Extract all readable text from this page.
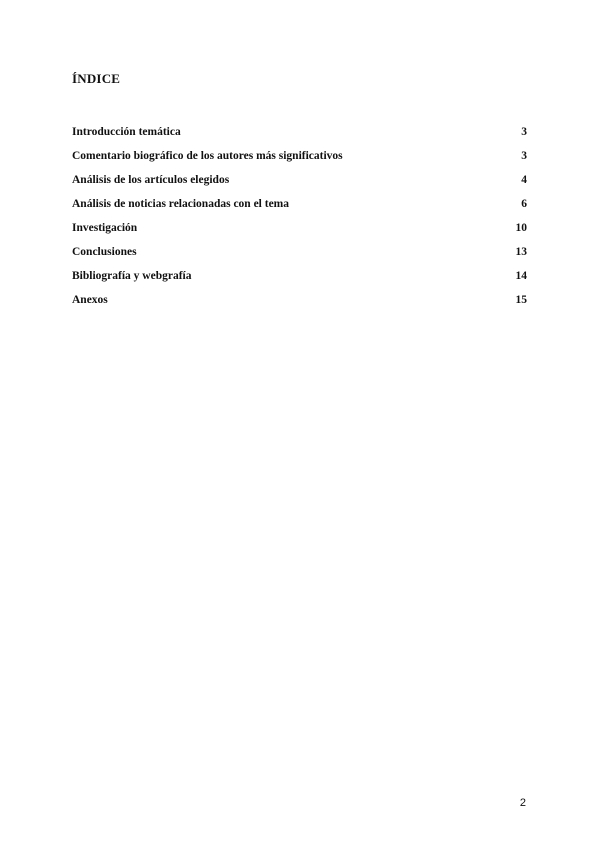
ÍNDICE
Introducción temática	3
Comentario biográfico de los autores más significativos	3
Análisis de los artículos elegidos	4
Análisis de noticias relacionadas con el tema	6
Investigación	10
Conclusiones	13
Bibliografía y webgrafía	14
Anexos	15
2
